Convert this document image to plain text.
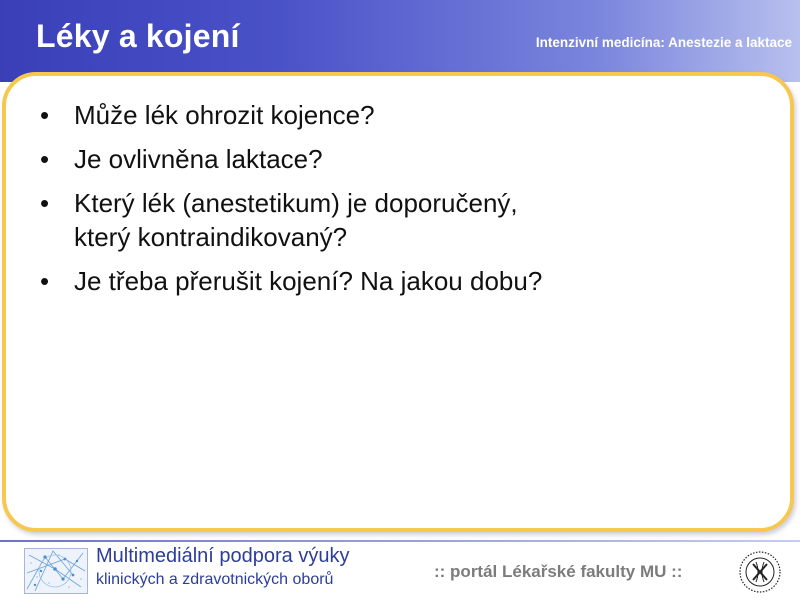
Léky a kojení	Intenzivní medicína: Anestezie a laktace
• Může lék ohrozit kojence?
• Je ovlivněna laktace?
• Který lék (anestetikum) je doporučený,
který kontraindikovaný?
• Je třeba přerušit kojení? Na jakou dobu?
Multimediální podpora výuky
klinických a zdravotnických oborů	:: portál Lékařské fakulty MU ::
